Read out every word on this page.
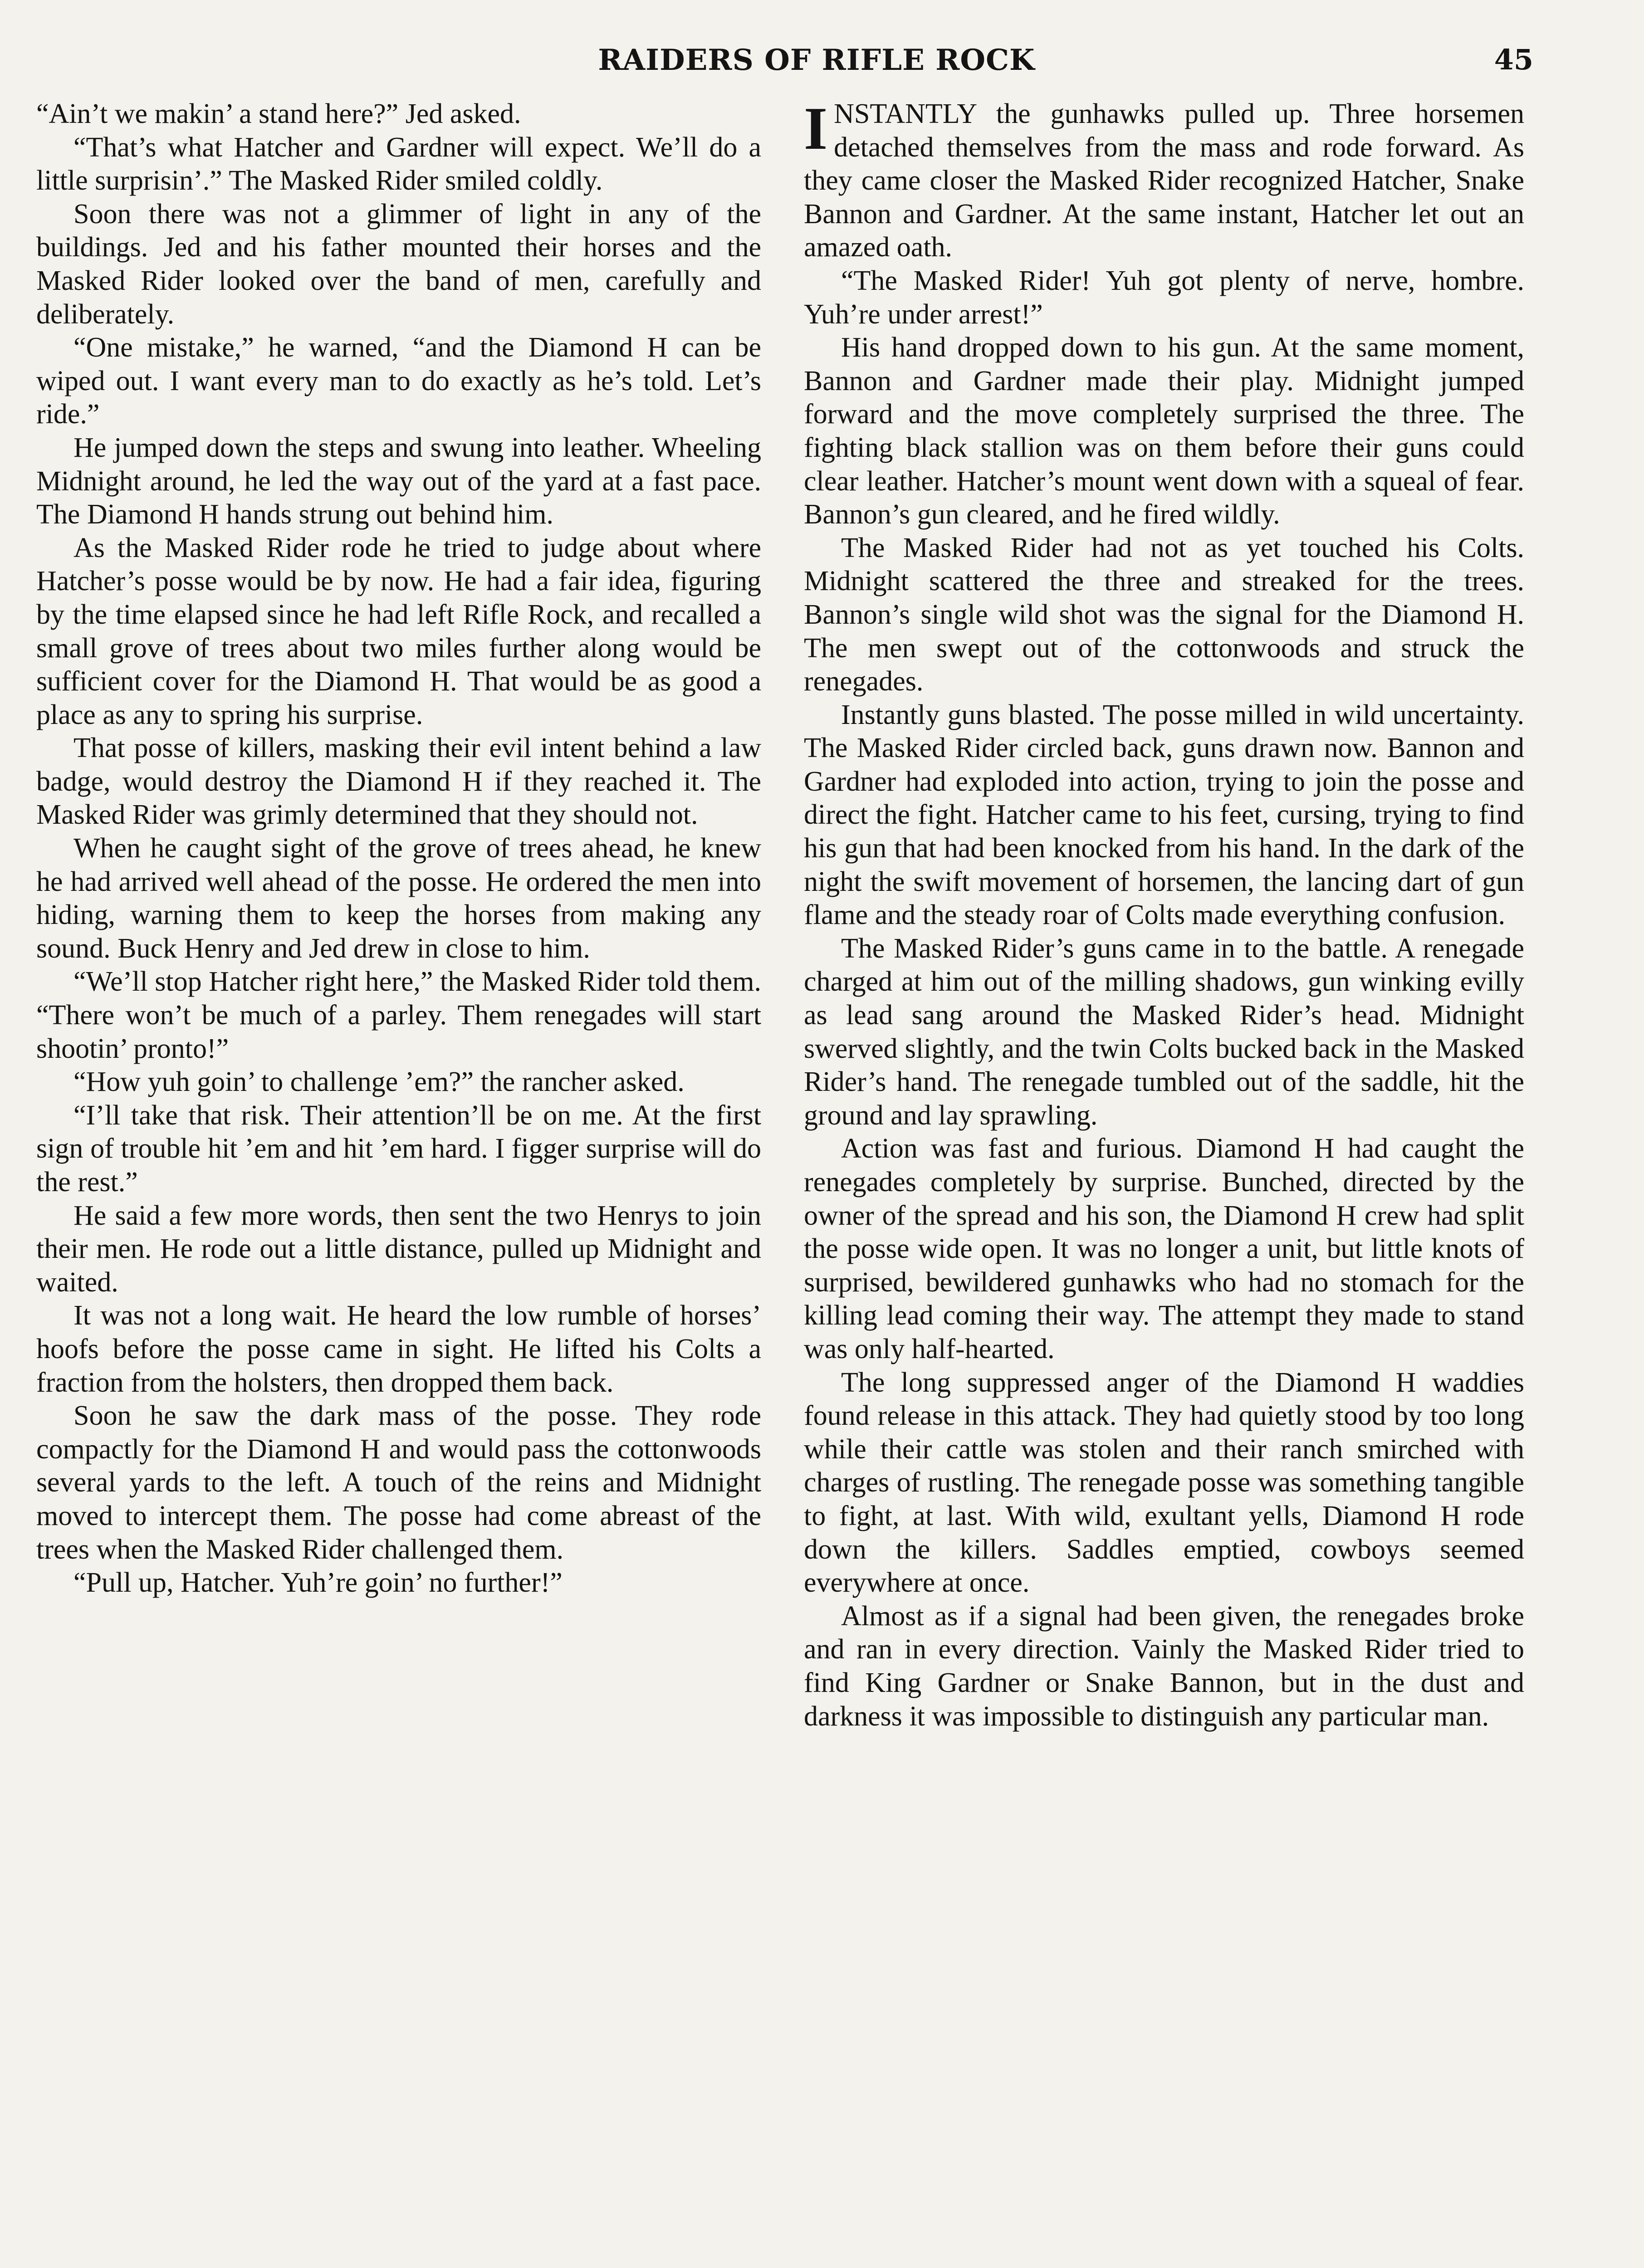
RAIDERS OF RIFLE ROCK	45

“Ain’t we makin’ a stand here?” Jed asked.

“That’s what Hatcher and Gardner will expect. We’ll do a little surprisin’.” The Masked Rider smiled coldly.

Soon there was not a glimmer of light in any of the buildings. Jed and his father mounted their horses and the Masked Rider looked over the band of men, carefully and deliberately.

“One mistake,” he warned, “and the Diamond H can be wiped out. I want every man to do exactly as he’s told. Let’s ride.”

He jumped down the steps and swung into leather. Wheeling Midnight around, he led the way out of the yard at a fast pace. The Diamond H hands strung out behind him.

As the Masked Rider rode he tried to judge about where Hatcher’s posse would be by now. He had a fair idea, figuring by the time elapsed since he had left Rifle Rock, and recalled a small grove of trees about two miles further along would be sufficient cover for the Diamond H. That would be as good a place as any to spring his surprise.

That posse of killers, masking their evil intent behind a law badge, would destroy the Diamond H if they reached it. The Masked Rider was grimly determined that they should not.

When he caught sight of the grove of trees ahead, he knew he had arrived well ahead of the posse. He ordered the men into hiding, warning them to keep the horses from making any sound. Buck Henry and Jed drew in close to him.

“We’ll stop Hatcher right here,” the Masked Rider told them. “There won’t be much of a parley. Them renegades will start shootin’ pronto!”

“How yuh goin’ to challenge ’em?” the rancher asked.

“I’ll take that risk. Their attention’ll be on me. At the first sign of trouble hit ’em and hit ’em hard. I figger surprise will do the rest.”

He said a few more words, then sent the two Henrys to join their men. He rode out a little distance, pulled up Midnight and waited.

It was not a long wait. He heard the low rumble of horses’ hoofs before the posse came in sight. He lifted his Colts a fraction from the holsters, then dropped them back.

Soon he saw the dark mass of the posse. They rode compactly for the Diamond H and would pass the cottonwoods several yards to the left. A touch of the reins and Midnight moved to intercept them. The posse had come abreast of the trees when the Masked Rider challenged them.

“Pull up, Hatcher. Yuh’re goin’ no further!”

INSTANTLY the gunhawks pulled up. Three horsemen detached themselves from the mass and rode forward. As they came closer the Masked Rider recognized Hatcher, Snake Bannon and Gardner. At the same instant, Hatcher let out an amazed oath.

“The Masked Rider! Yuh got plenty of nerve, hombre. Yuh’re under arrest!”

His hand dropped down to his gun. At the same moment, Bannon and Gardner made their play. Midnight jumped forward and the move completely surprised the three. The fighting black stallion was on them before their guns could clear leather. Hatcher’s mount went down with a squeal of fear. Bannon’s gun cleared, and he fired wildly.

The Masked Rider had not as yet touched his Colts. Midnight scattered the three and streaked for the trees. Bannon’s single wild shot was the signal for the Diamond H. The men swept out of the cottonwoods and struck the renegades.

Instantly guns blasted. The posse milled in wild uncertainty. The Masked Rider circled back, guns drawn now. Bannon and Gardner had exploded into action, trying to join the posse and direct the fight. Hatcher came to his feet, cursing, trying to find his gun that had been knocked from his hand. In the dark of the night the swift movement of horsemen, the lancing dart of gun flame and the steady roar of Colts made everything confusion.

The Masked Rider’s guns came in to the battle. A renegade charged at him out of the milling shadows, gun winking evilly as lead sang around the Masked Rider’s head. Midnight swerved slightly, and the twin Colts bucked back in the Masked Rider’s hand. The renegade tumbled out of the saddle, hit the ground and lay sprawling.

Action was fast and furious. Diamond H had caught the renegades completely by surprise. Bunched, directed by the owner of the spread and his son, the Diamond H crew had split the posse wide open. It was no longer a unit, but little knots of surprised, bewildered gunhawks who had no stomach for the killing lead coming their way. The attempt they made to stand was only half-hearted.

The long suppressed anger of the Diamond H waddies found release in this attack. They had quietly stood by too long while their cattle was stolen and their ranch smirched with charges of rustling. The renegade posse was something tangible to fight, at last. With wild, exultant yells, Diamond H rode down the killers. Saddles emptied, cowboys seemed everywhere at once.

Almost as if a signal had been given, the renegades broke and ran in every direction. Vainly the Masked Rider tried to find King Gardner or Snake Bannon, but in the dust and darkness it was impossible to distinguish any particular man.
